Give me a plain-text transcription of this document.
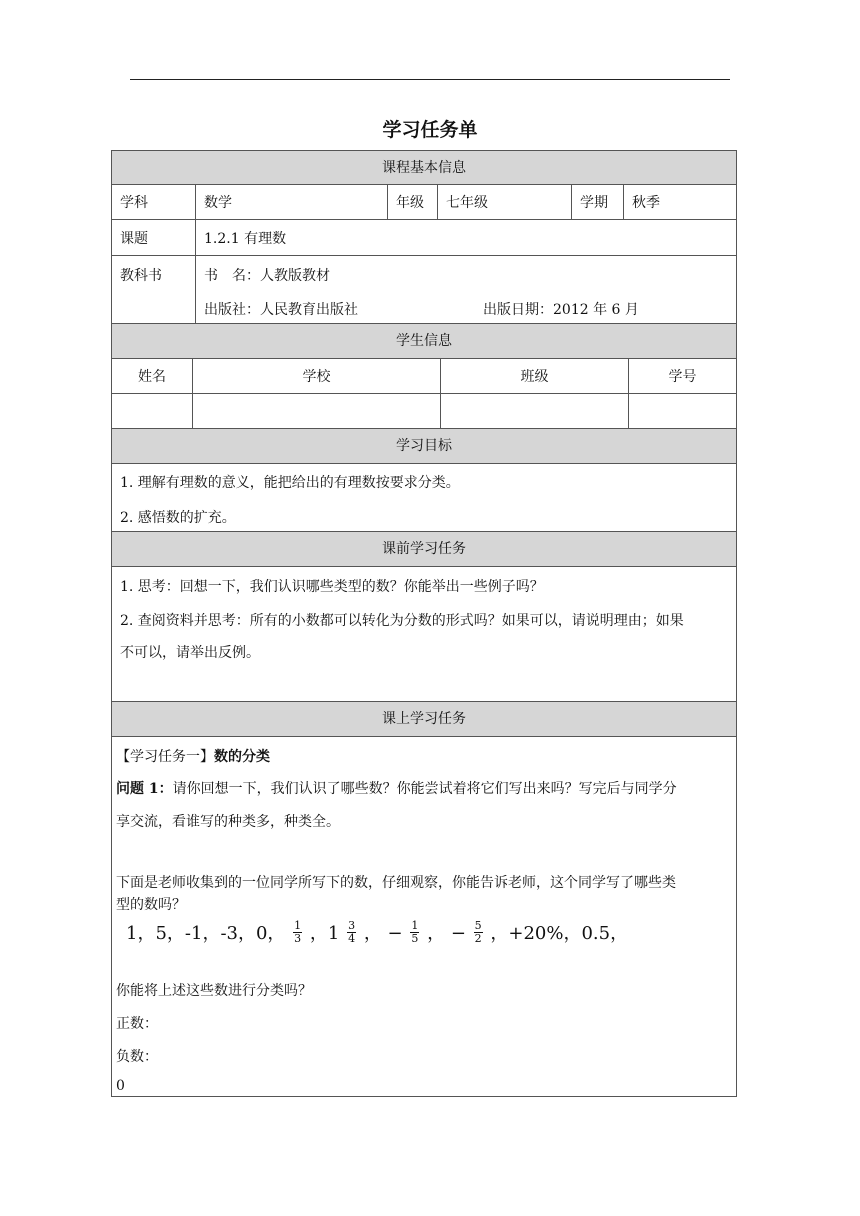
学习任务单
课程基本信息
学科	数学	年级	七年级	学期	秋季
课题	1.2.1 有理数
教科书	书　名：人教版教材
出版社：人民教育出版社	出版日期：2012 年 6 月
学生信息
姓名	学校	班级	学号
学习目标
1. 理解有理数的意义，能把给出的有理数按要求分类。
2. 感悟数的扩充。
课前学习任务
1. 思考：回想一下，我们认识哪些类型的数？你能举出一些例子吗？
2. 查阅资料并思考：所有的小数都可以转化为分数的形式吗？如果可以，请说明理由；如果
不可以，请举出反例。
课上学习任务
【学习任务一】数的分类
问题 1：请你回想一下，我们认识了哪些数？你能尝试着将它们写出来吗？写完后与同学分
享交流，看谁写的种类多，种类全。
下面是老师收集到的一位同学所写下的数，仔细观察，你能告诉老师，这个同学写了哪些类
型的数吗？
1，5，-1，-3，0， $\frac{1}{3}$ ，$1 \frac{3}{4}$ ， − $\frac{1}{5}$ ， − $\frac{5}{2}$ ，+20%，0.5，
你能将上述这些数进行分类吗？
正数：
负数：
0
